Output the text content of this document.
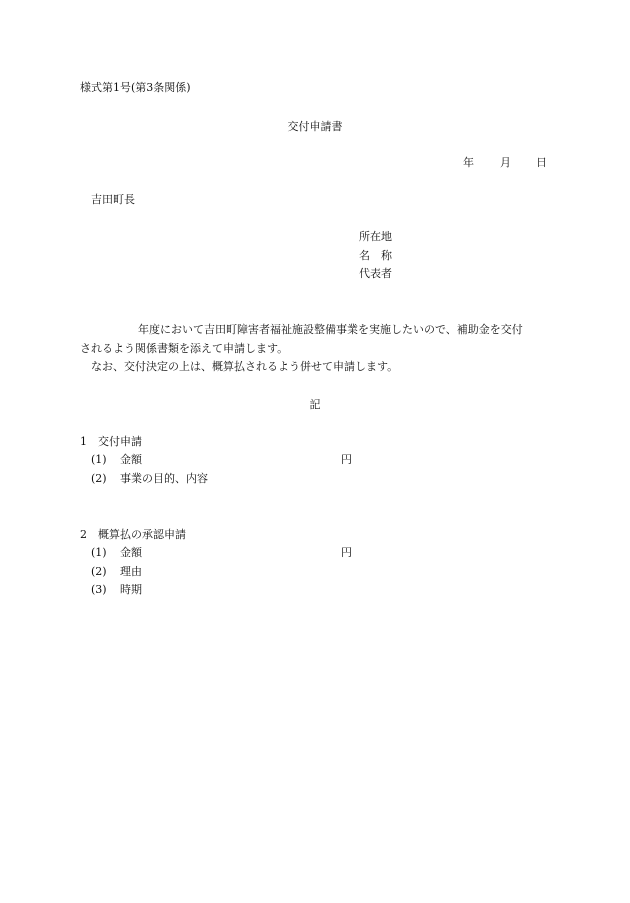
様式第1号(第3条関係)
交付申請書
年 月 日
吉田町長
所在地
名　称
代表者
年度において吉田町障害者福祉施設整備事業を実施したいので、補助金を交付
されるよう関係書類を添えて申請します。
なお、交付決定の上は、概算払されるよう併せて申請します。
記
1　交付申請
(1) 金額	円
(2) 事業の目的、内容
2　概算払の承認申請
(1) 金額	円
(2) 理由
(3) 時期
